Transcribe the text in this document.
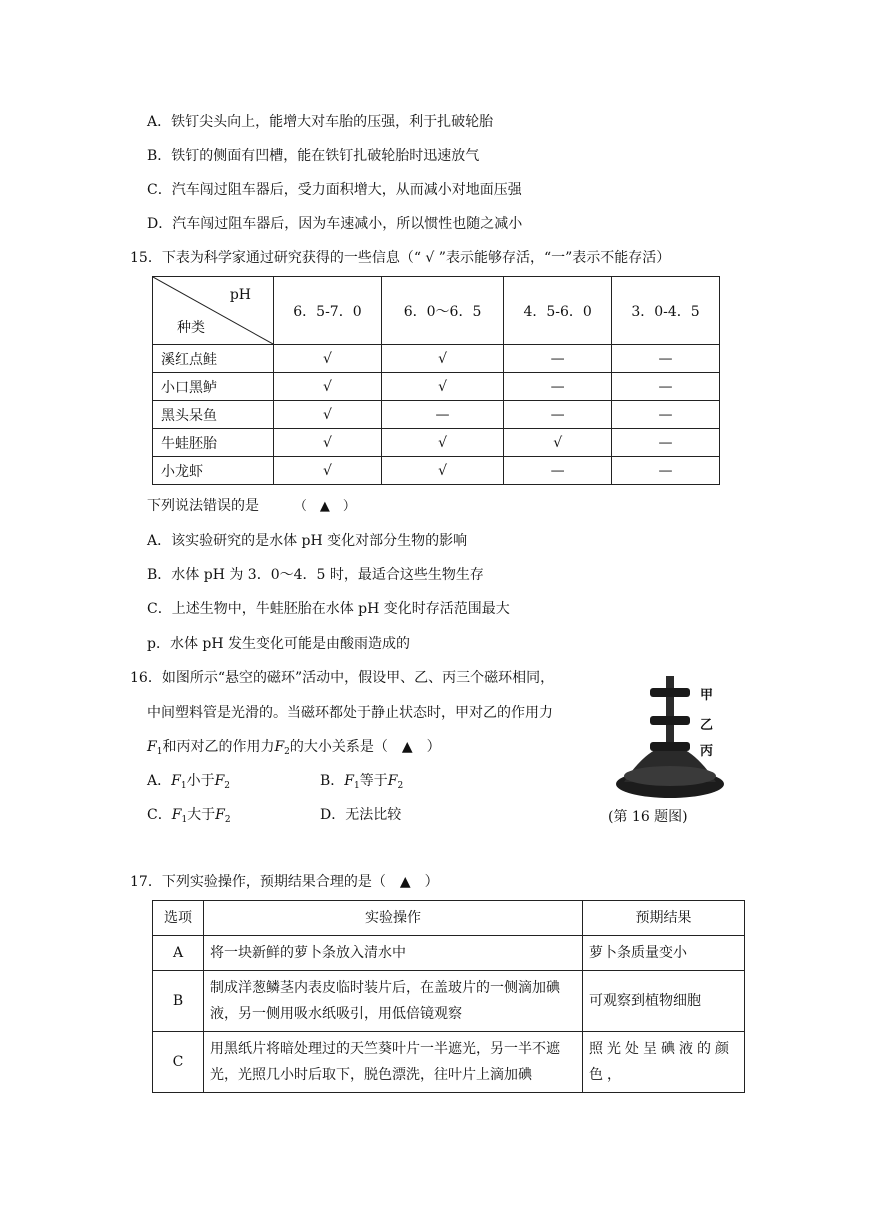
A．铁钉尖头向上，能增大对车胎的压强，利于扎破轮胎
B．铁钉的侧面有凹槽，能在铁钉扎破轮胎时迅速放气
C．汽车闯过阻车器后，受力面积增大，从而减小对地面压强
D．汽车闯过阻车器后，因为车速减小，所以惯性也随之减小
15．下表为科学家通过研究获得的一些信息（“ √ ”表示能够存活，“一”表示不能存活）
pH
种类	6．5-7．0	6．0～6．5	4．5-6．0	3．0-4．5
溪红点鲑	√	√	—	—
小口黑鲈	√	√	—	—
黑头呆鱼	√	—	—	—
牛蛙胚胎	√	√	√	—
小龙虾	√	√	—	—
下列说法错误的是	（　▲　）
A．该实验研究的是水体 pH 变化对部分生物的影响
B．水体 pH 为 3．0～4．5 时，最适合这些生物生存
C．上述生物中，牛蛙胚胎在水体 pH 变化时存活范围最大
p．水体 pH 发生变化可能是由酸雨造成的
16．如图所示“悬空的磁环”活动中，假设甲、乙、丙三个磁环相同，
中间塑料管是光滑的。当磁环都处于静止状态时，甲对乙的作用力
$F_1$和丙对乙的作用力$F_2$的大小关系是（　▲　）
A．$F_1$小于$F_2$	B．$F_1$等于$F_2$
C．$F_1$大于$F_2$	D．无法比较
甲
乙
丙
(第 16 题图)
17．下列实验操作，预期结果合理的是（　▲　）
选项	实验操作	预期结果
A	将一块新鲜的萝卜条放入清水中	萝卜条质量变小
B	制成洋葱鳞茎内表皮临时装片后，在盖玻片的一侧滴加碘液，另一侧用吸水纸吸引，用低倍镜观察	可观察到植物细胞
C	用黑纸片将暗处理过的天竺葵叶片一半遮光，另一半不遮光，光照几小时后取下，脱色漂洗，往叶片上滴加碘	照光处呈碘液的颜色，
